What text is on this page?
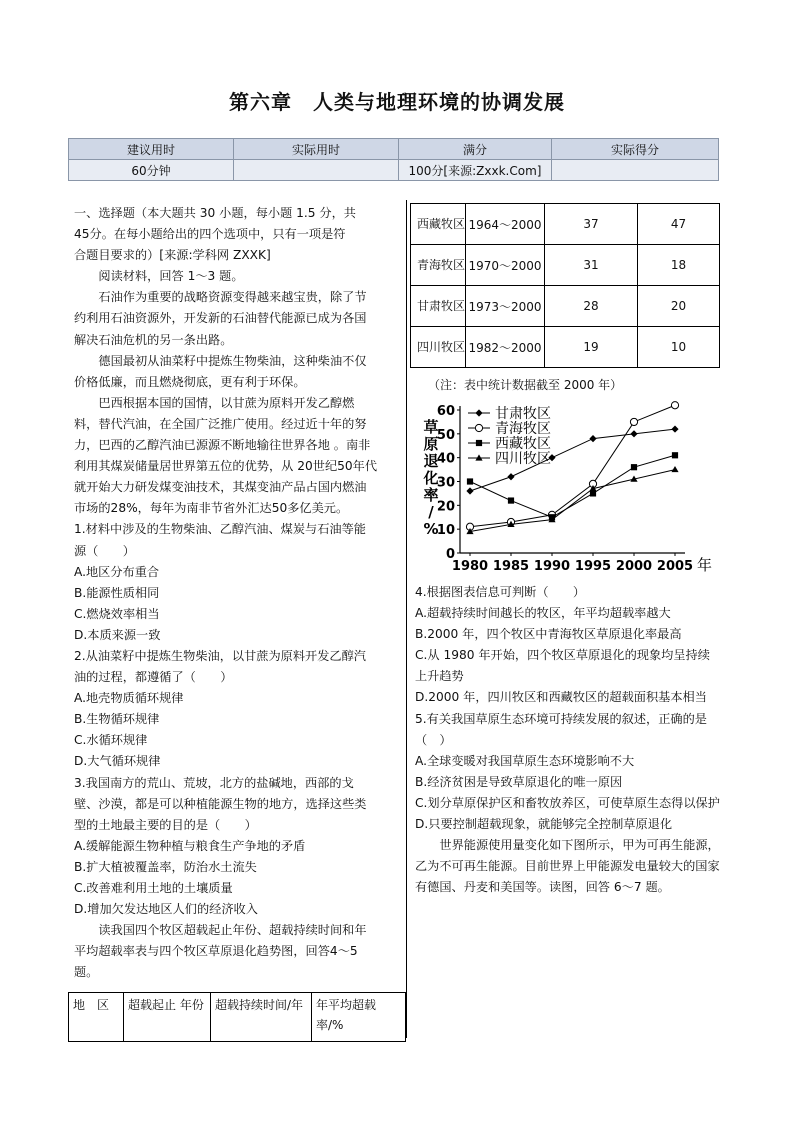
第六章　人类与地理环境的协调发展
建议用时	实际用时	满分	实际得分
60分钟		100分[来源:Zxxk.Com]	

一、选择题（本大题共 30 小题，每小题 1.5 分，共

45分。在每小题给出的四个选项中，只有一项是符

合题目要求的）[来源:学科网 ZXXK]

阅读材料，回答 1～3 题。

石油作为重要的战略资源变得越来越宝贵，除了节约利用石油资源外，开发新的石油替代能源已成为各国解决石油危机的另一条出路。

德国最初从油菜籽中提炼生物柴油，这种柴油不仅价格低廉，而且燃烧彻底，更有利于环保。

巴西根据本国的国情，以甘蔗为原料开发乙醇燃料，替代汽油，在全国广泛推广使用。经过近十年的努力，巴西的乙醇汽油已源源不断地输往世界各地 。南非利用其煤炭储量居世界第五位的优势，从 20世纪50年代就开始大力研发煤变油技术，其煤变油产品占国内燃油市场的28%，每年为南非节省外汇达50多亿美元。

1.材料中涉及的生物柴油、乙醇汽油、煤炭与石油等能源（　　）

A.地区分布重合

B.能源性质相同

C.燃烧效率相当

D.本质来源一致

2.从油菜籽中提炼生物柴油，以甘蔗为原料开发乙醇汽油的过程，都遵循了（　　）

A.地壳物质循环规律

B.生物循环规律

C.水循环规律

D.大气循环规律

3.我国南方的荒山、荒坡，北方的盐碱地，西部的戈壁、沙漠，都是可以种植能源生物的地方，选择这些类型的土地最主要的目的是（　　）

A.缓解能源生物种植与粮食生产争地的矛盾

B.扩大植被覆盖率，防治水土流失

C.改善难利用土地的土壤质量

D.增加欠发达地区人们的经济收入

读我国四个牧区超载起止年份、超载持续时间和年平均超载率表与四个牧区草原退化趋势图，回答4～5 题。

地　区	超载起止 年份	超载持续时间/年	年平均超载率/%
西藏牧区	1964～2000	37	47
青海牧区	1970～2000	31	18
甘肃牧区	1973～2000	28	20
四川牧区	1982～2000	19	10
（注：表中统计数据截至 2000 年）
0
10
20
30
40
50
60
1980 1985 1990 1995 2000 2005 年
草
原
退
化
率
/
%
甘肃牧区
青海牧区
西藏牧区
四川牧区

4.根据图表信息可判断（　　）

A.超载持续时间越长的牧区，年平均超载率越大

B.2000 年，四个牧区中青海牧区草原退化率最高

C.从 1980 年开始，四个牧区草原退化的现象均呈持续上升趋势

D.2000 年，四川牧区和西藏牧区的超载面积基本相当

5.有关我国草原生态环境可持续发展的叙述，正确的是（　）

A.全球变暖对我国草原生态环境影响不大

B.经济贫困是导致草原退化的唯一原因

C.划分草原保护区和畜牧放养区，可使草原生态得以保护

D.只要控制超载现象，就能够完全控制草原退化

世界能源使用量变化如下图所示，甲为可再生能源，乙为不可再生能源。目前世界上甲能源发电量较大的国家有德国、丹麦和美国等。读图，回答 6～7 题。
